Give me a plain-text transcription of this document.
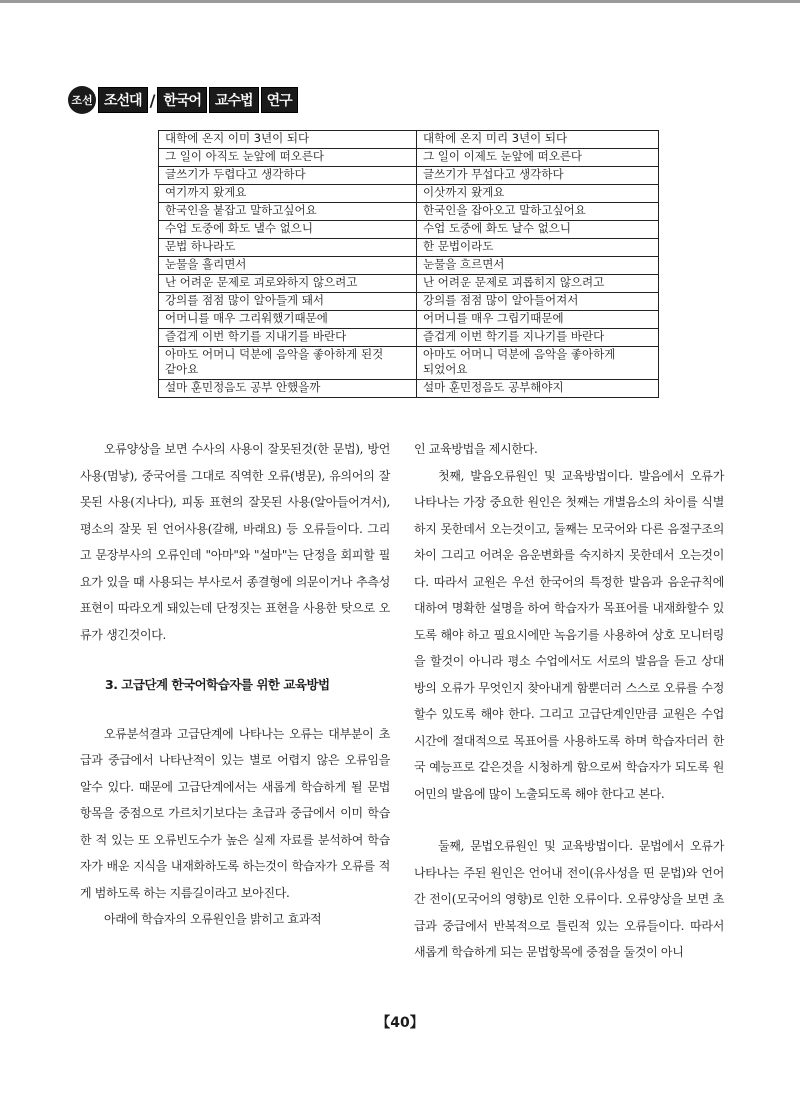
조선 조선대 / 한국어	교수법	연구
대학에 온지 이미 3년이 되다	대학에 온지 미리 3년이 되다
그 일이 아직도 눈앞에 떠오른다	그 일이 이제도 눈앞에 떠오른다
글쓰기가 두렵다고 생각하다	글쓰기가 무섭다고 생각하다
여기까지 왔게요	이삿까지 왔게요
한국인을 붙잡고 말하고싶어요	한국인을 잡아오고 말하고싶어요
수업 도중에 화도 낼수 없으니	수업 도중에 화도 날수 없으니
문법 하나라도	한 문법이라도
눈물을 흘리면서	눈물을 흐르면서
난 어려운 문제로 괴로와하지 않으려고	난 어려운 문제로 괴롭히지 않으려고
강의를 점점 많이 알아들게 돼서	강의를 점점 많이 알아들어져서
어머니를 매우 그리워했기때문에	어머니를 매우 그립기때문에
즐겁게 이번 학기를 지내기를 바란다	즐겁게 이번 학기를 지나기를 바란다
아마도 어머니 덕분에 음악을 좋아하게 된것 같아요	아마도 어머니 덕분에 음악을 좋아하게 되었어요
설마 훈민정음도 공부 안했을까	설마 훈민정음도 공부해야지

오류양상을 보면 수사의 사용이 잘못된것(한 문법), 방언사용(멈낳), 중국어를 그대로 직역한 오류(병문), 유의어의 잘못된 사용(지나다), 피동 표현의 잘못된 사용(알아들어겨서), 평소의 잘못 된 언어사용(갈해, 바래요) 등 오류들이다. 그리고 문장부사의 오류인데 "아마"와 "설마"는 단정을 회피할 필요가 있을 때 사용되는 부사로서 종결형에 의문이거나 추측성표현이 따라오게 돼있는데 단정짓는 표현을 사용한 탓으로 오류가 생긴것이다.

3. 고급단계 한국어학습자를 위한 교육방법

오류분석결과 고급단계에 나타나는 오류는 대부분이 초급과 중급에서 나타난적이 있는 별로 어렵지 않은 오류임을 알수 있다. 때문에 고급단계에서는 새롭게 학습하게 될 문법항목을 중점으로 가르치기보다는 초급과 중급에서 이미 학습한 적 있는 또 오류빈도수가 높은 실제 자료를 분석하여 학습자가 배운 지식을 내재화하도록 하는것이 학습자가 오류를 적게 범하도록 하는 지름길이라고 보아진다.

아래에 학습자의 오류원인을 밝히고 효과적

인 교육방법을 제시한다.

첫째, 발음오류원인 및 교육방법이다. 발음에서 오류가 나타나는 가장 중요한 원인은 첫째는 개별음소의 차이를 식별하지 못한데서 오는것이고, 둘째는 모국어와 다른 음절구조의 차이 그리고 어려운 음운변화를 숙지하지 못한데서 오는것이다. 따라서 교원은 우선 한국어의 특정한 발음과 음운규칙에 대하여 명확한 설명을 하여 학습자가 목표어를 내재화할수 있도록 해야 하고 필요시에만 녹음기를 사용하여 상호 모니터링을 할것이 아니라 평소 수업에서도 서로의 발음을 듣고 상대방의 오류가 무엇인지 찾아내게 함뿐더러 스스로 오류를 수정할수 있도록 해야 한다. 그리고 고급단계인만큼 교원은 수업시간에 절대적으로 목표어를 사용하도록 하며 학습자더러 한국 예능프로 같은것을 시청하게 함으로써 학습자가 되도록 원어민의 발음에 많이 노출되도록 해야 한다고 본다.

둘째, 문법오류원인 및 교육방법이다. 문법에서 오류가 나타나는 주된 원인은 언어내 전이(유사성을 띤 문법)와 언어간 전이(모국어의 영향)로 인한 오류이다. 오류양상을 보면 초급과 중급에서 반복적으로 틀린적 있는 오류들이다. 따라서 새롭게 학습하게 되는 문법항목에 중점을 둘것이 아니

【40】
